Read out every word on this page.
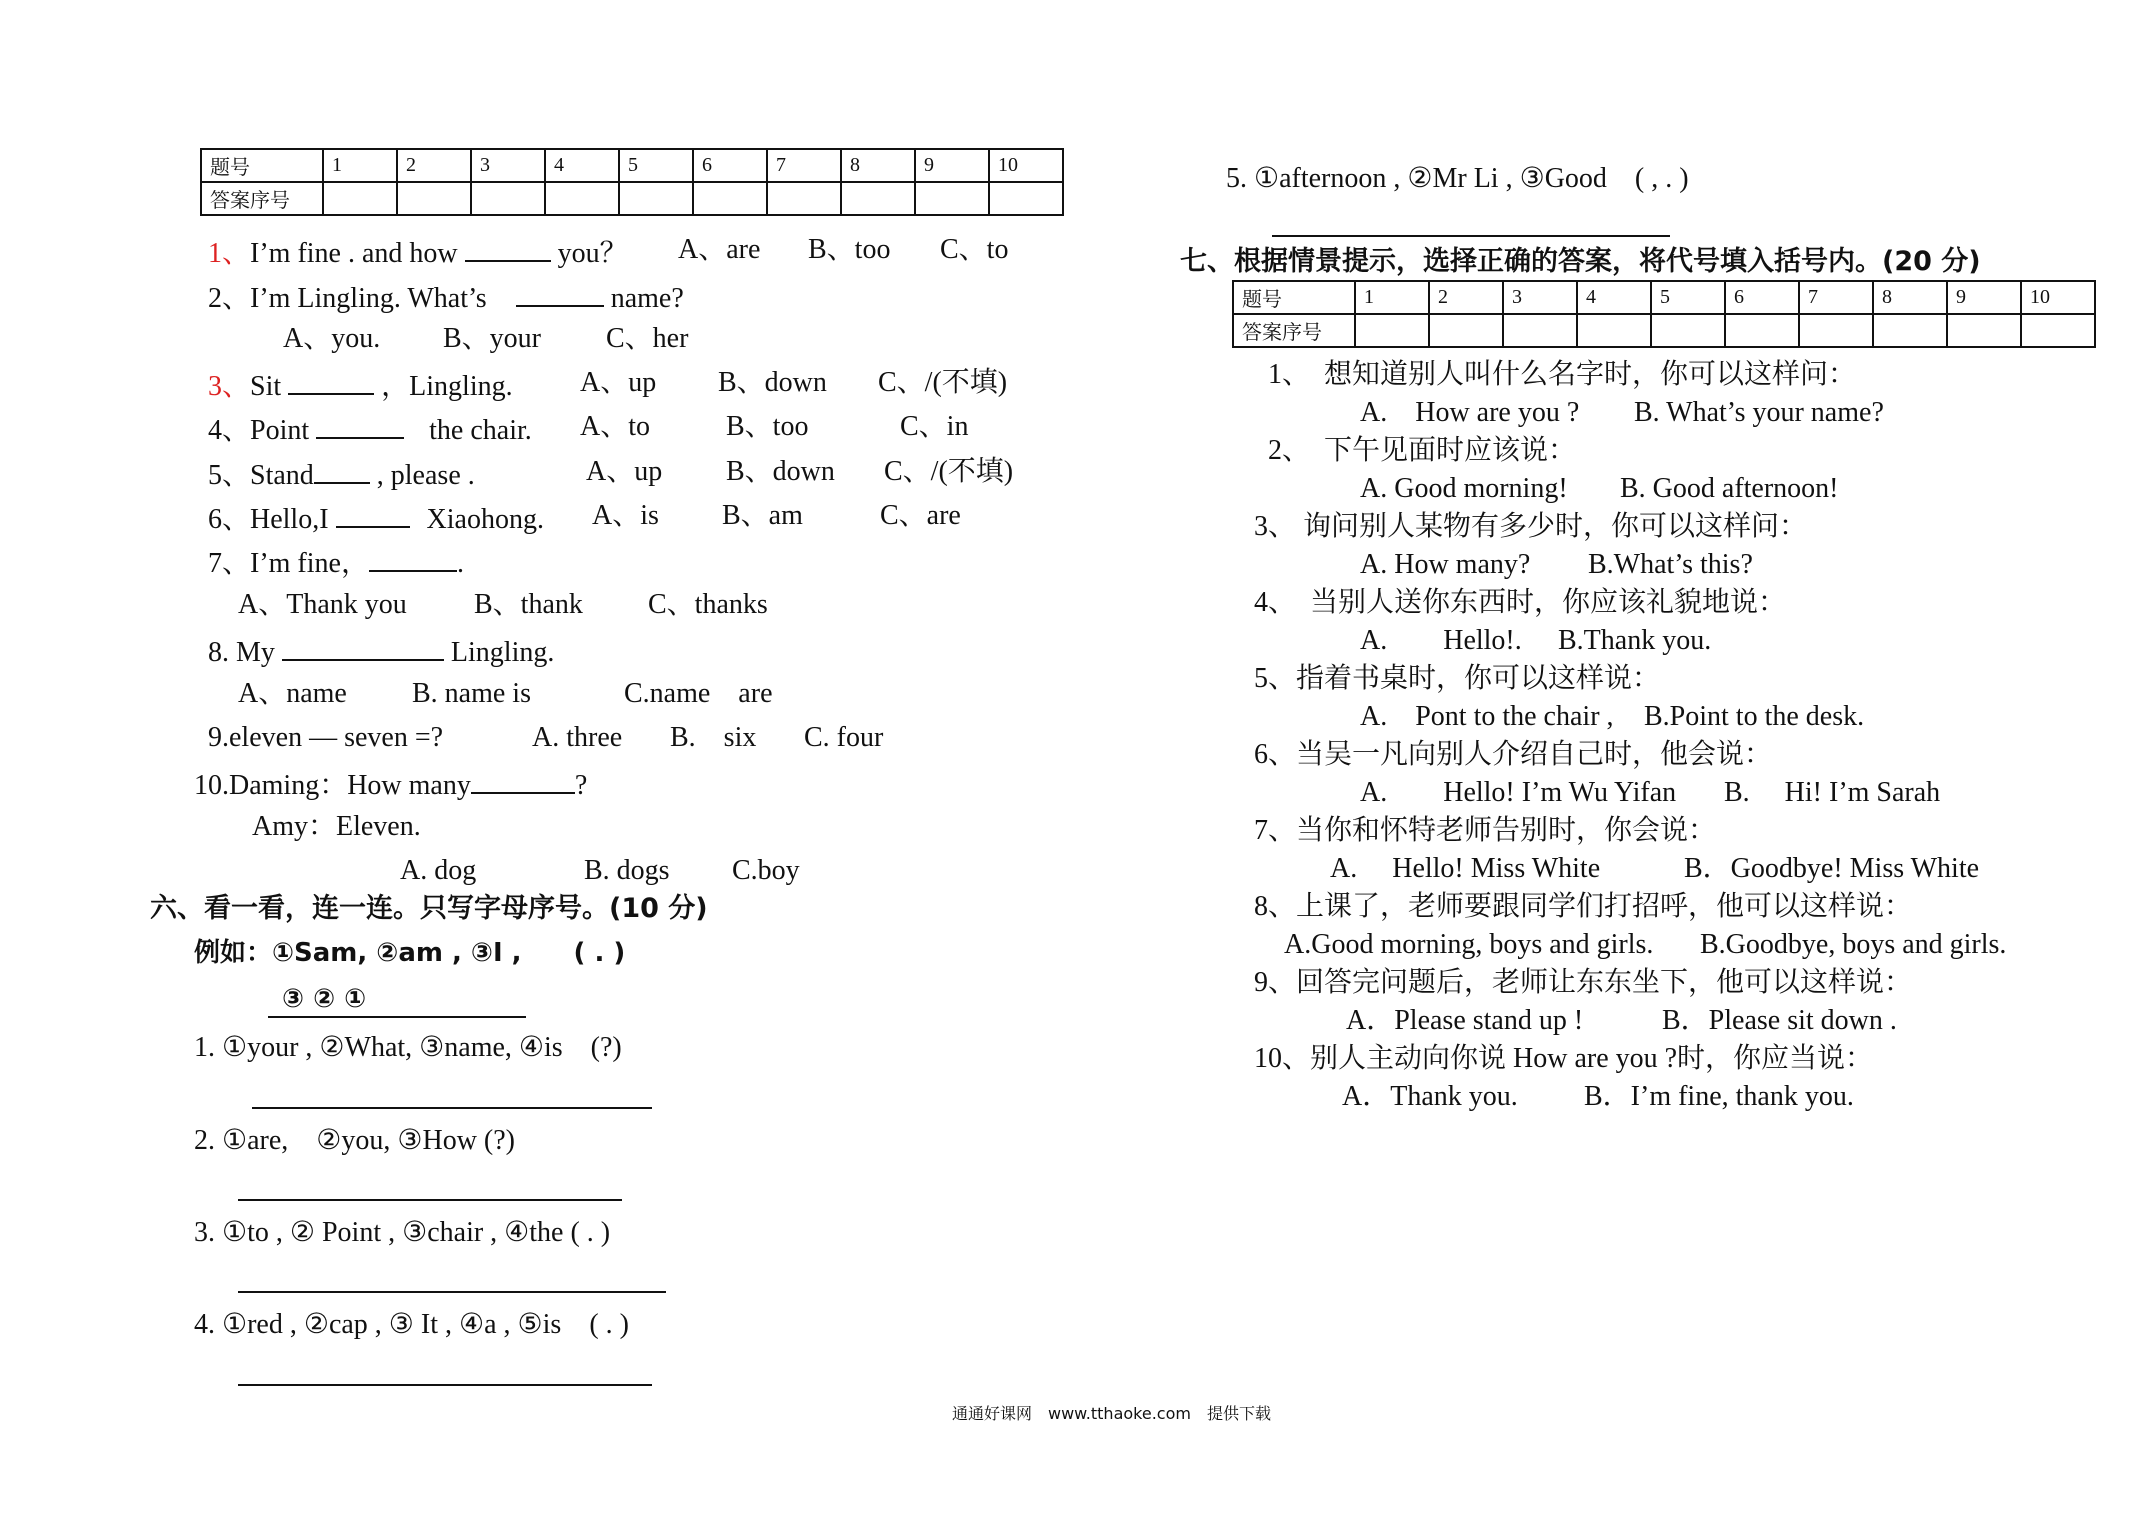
题号	1	2	3	4	5	6	7	8	9	10
答案序号										
1、I’m fine . and how	you？ A、are B、too C、to
2、I’m Lingling. What’s	name?
A、you. B、your C、her
3、Sit	，Lingling. A、up B、down C、/(不填)
4、Point	the chair. A、to	B、too	C、in
5、Stand , please .	A、up B、down C、/(不填)
6、Hello,I	Xiaohong. A、is B、am	C、are
7、I’m fine，	.
A、Thank you B、thank C、thanks
8. My	Lingling.
A、name B. name is	C.name　are
9.eleven — seven =?	A. three B.　six C. four
10.Daming：How many	?
Amy：Eleven.
A. dog	B. dogs C.boy
六、看一看，连一连。只写字母序号。(10 分)
例如：①Sam, ②am , ③I ,　　( . )
③ ② ①
1. ①your , ②What, ③name, ④is　(?)
2. ①are,　②you, ③How (?)
3. ①to , ② Point , ③chair , ④the ( . )
4. ①red , ②cap , ③ It , ④a , ⑤is　( . )
5. ①afternoon , ②Mr Li , ③Good　( , . )
七、根据情景提示，选择正确的答案，将代号填入括号内。(20 分)
题号	1	2	3	4	5	6	7	8	9	10
答案序号										
1、　想知道别人叫什么名字时，你可以这样问：
A.　How are you ? B. What’s your name?
2、　下午见面时应该说：
A. Good morning! B. Good afternoon!
3、 询问别人某物有多少时，你可以这样问：
A. How many? B.What’s this?
4、　当别人送你东西时，你应该礼貌地说：
A.　　Hello!. B.Thank you.
5、指着书桌时，你可以这样说：
A.　Pont to the chair , B.Point to the desk.
6、当吴一凡向别人介绍自己时，他会说：
A.　　Hello! I’m Wu Yifan B.　 Hi! I’m Sarah
7、当你和怀特老师告别时，你会说：
A.　 Hello! Miss White	B．Goodbye! Miss White
8、上课了，老师要跟同学们打招呼，他可以这样说：
A.Good morning, boys and girls. B.Goodbye, boys and girls.
9、回答完问题后，老师让东东坐下，他可以这样说：
A．Please stand up !	B．Please sit down .
10、别人主动向你说 How are you ?时，你应当说：
A．Thank you. B．I’m fine, thank you.
通通好课网　www.tthaoke.com　提供下载
